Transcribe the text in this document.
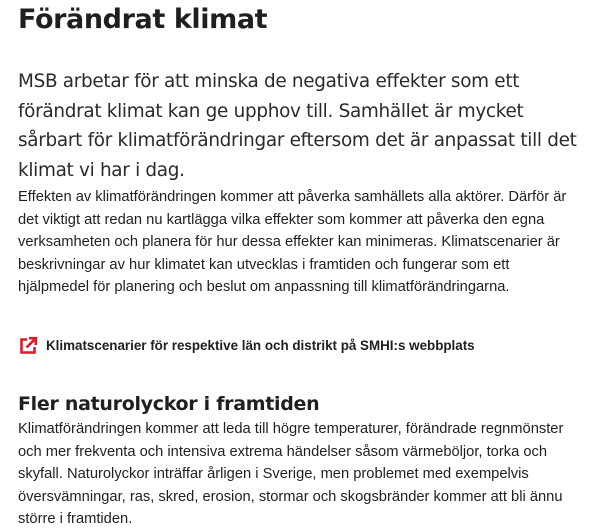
Förändrat klimat

MSB arbetar för att minska de negativa effekter som ett förändrat klimat kan ge upphov till. Samhället är mycket sårbart för klimatförändringar eftersom det är anpassat till det klimat vi har i dag.

Effekten av klimatförändringen kommer att påverka samhällets alla aktörer. Därför är det viktigt att redan nu kartlägga vilka effekter som kommer att påverka den egna verksamheten och planera för hur dessa effekter kan minimeras. Klimatscenarier är beskrivningar av hur klimatet kan utvecklas i framtiden och fungerar som ett hjälpmedel för planering och beslut om anpassning till klimatförändringarna.

Klimatscenarier för respektive län och distrikt på SMHI:s webbplats
Fler naturolyckor i framtiden

Klimatförändringen kommer att leda till högre temperaturer, förändrade regnmönster och mer frekventa och intensiva extrema händelser såsom värmeböljor, torka och skyfall. Naturolyckor inträffar årligen i Sverige, men problemet med exempelvis översvämningar, ras, skred, erosion, stormar och skogsbränder kommer att bli ännu större i framtiden.
